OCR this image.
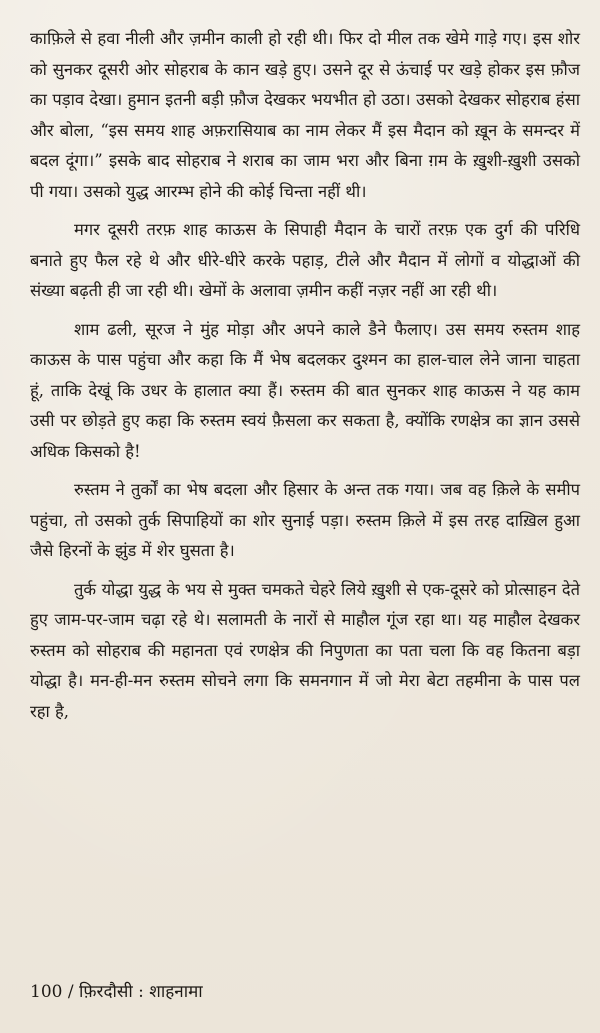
काफ़िले से हवा नीली और ज़मीन काली हो रही थी। फिर दो मील तक खेमे गाड़े गए। इस शोर को सुनकर दूसरी ओर सोहराब के कान खड़े हुए। उसने दूर से ऊंचाई पर खड़े होकर इस फ़ौज का पड़ाव देखा। हुमान इतनी बड़ी फ़ौज देखकर भयभीत हो उठा। उसको देखकर सोहराब हंसा और बोला, “इस समय शाह अफ़रासियाब का नाम लेकर मैं इस मैदान को ख़ून के समन्दर में बदल दूंगा।” इसके बाद सोहराब ने शराब का जाम भरा और बिना ग़म के ख़ुशी-ख़ुशी उसको पी गया। उसको युद्ध आरम्भ होने की कोई चिन्ता नहीं थी।

मगर दूसरी तरफ़ शाह काऊस के सिपाही मैदान के चारों तरफ़ एक दुर्ग की परिधि बनाते हुए फैल रहे थे और धीरे-धीरे करके पहाड़, टीले और मैदान में लोगों व योद्धाओं की संख्या बढ़ती ही जा रही थी। खेमों के अलावा ज़मीन कहीं नज़र नहीं आ रही थी।

शाम ढली, सूरज ने मुंह मोड़ा और अपने काले डैने फैलाए। उस समय रुस्तम शाह काऊस के पास पहुंचा और कहा कि मैं भेष बदलकर दुश्मन का हाल-चाल लेने जाना चाहता हूं, ताकि देखूं कि उधर के हालात क्या हैं। रुस्तम की बात सुनकर शाह काऊस ने यह काम उसी पर छोड़ते हुए कहा कि रुस्तम स्वयं फ़ैसला कर सकता है, क्योंकि रणक्षेत्र का ज्ञान उससे अधिक किसको है!

रुस्तम ने तुर्कों का भेष बदला और हिसार के अन्त तक गया। जब वह क़िले के समीप पहुंचा, तो उसको तुर्क सिपाहियों का शोर सुनाई पड़ा। रुस्तम क़िले में इस तरह दाख़िल हुआ जैसे हिरनों के झुंड में शेर घुसता है।

तुर्क योद्धा युद्ध के भय से मुक्त चमकते चेहरे लिये ख़ुशी से एक-दूसरे को प्रोत्साहन देते हुए जाम-पर-जाम चढ़ा रहे थे। सलामती के नारों से माहौल गूंज रहा था। यह माहौल देखकर रुस्तम को सोहराब की महानता एवं रणक्षेत्र की निपुणता का पता चला कि वह कितना बड़ा योद्धा है। मन-ही-मन रुस्तम सोचने लगा कि समनगान में जो मेरा बेटा तहमीना के पास पल रहा है,

100 / फ़िरदौसी : शाहनामा
